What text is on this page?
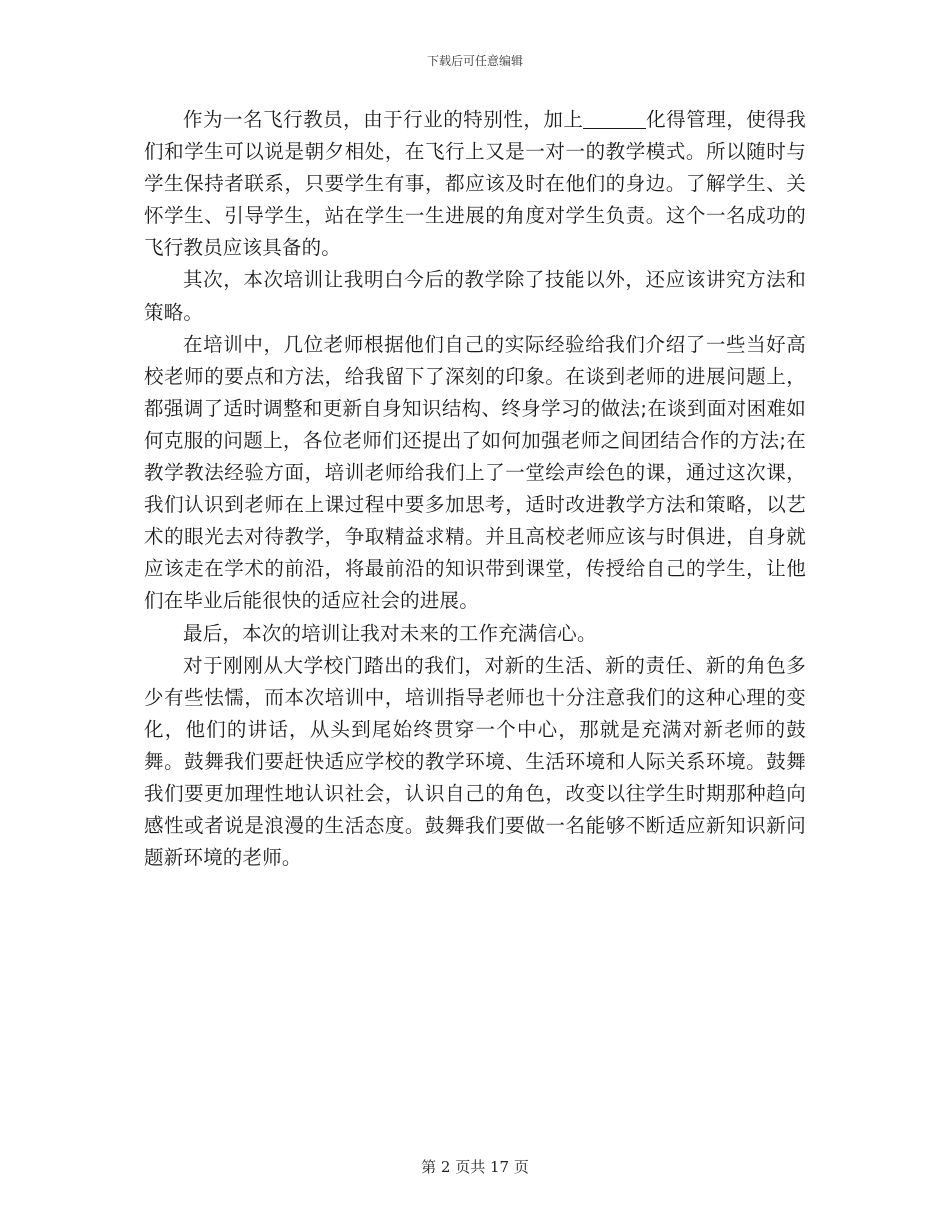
下载后可任意编辑

作为一名飞行教员，由于行业的特别性，加上	化得管理，使得我们和学生可以说是朝夕相处，在飞行上又是一对一的教学模式。所以随时与学生保持者联系，只要学生有事，都应该及时在他们的身边。了解学生、关怀学生、引导学生，站在学生一生进展的角度对学生负责。这个一名成功的飞行教员应该具备的。

其次，本次培训让我明白今后的教学除了技能以外，还应该讲究方法和策略。

在培训中，几位老师根据他们自己的实际经验给我们介绍了一些当好高校老师的要点和方法，给我留下了深刻的印象。在谈到老师的进展问题上，都强调了适时调整和更新自身知识结构、终身学习的做法;在谈到面对困难如何克服的问题上，各位老师们还提出了如何加强老师之间团结合作的方法;在教学教法经验方面，培训老师给我们上了一堂绘声绘色的课，通过这次课，我们认识到老师在上课过程中要多加思考，适时改进教学方法和策略，以艺术的眼光去对待教学，争取精益求精。并且高校老师应该与时俱进，自身就应该走在学术的前沿，将最前沿的知识带到课堂，传授给自己的学生，让他们在毕业后能很快的适应社会的进展。

最后，本次的培训让我对未来的工作充满信心。

对于刚刚从大学校门踏出的我们，对新的生活、新的责任、新的角色多少有些怯懦，而本次培训中，培训指导老师也十分注意我们的这种心理的变化，他们的讲话，从头到尾始终贯穿一个中心，那就是充满对新老师的鼓舞。鼓舞我们要赶快适应学校的教学环境、生活环境和人际关系环境。鼓舞我们要更加理性地认识社会，认识自己的角色，改变以往学生时期那种趋向感性或者说是浪漫的生活态度。鼓舞我们要做一名能够不断适应新知识新问题新环境的老师。

第 2 页共 17 页
